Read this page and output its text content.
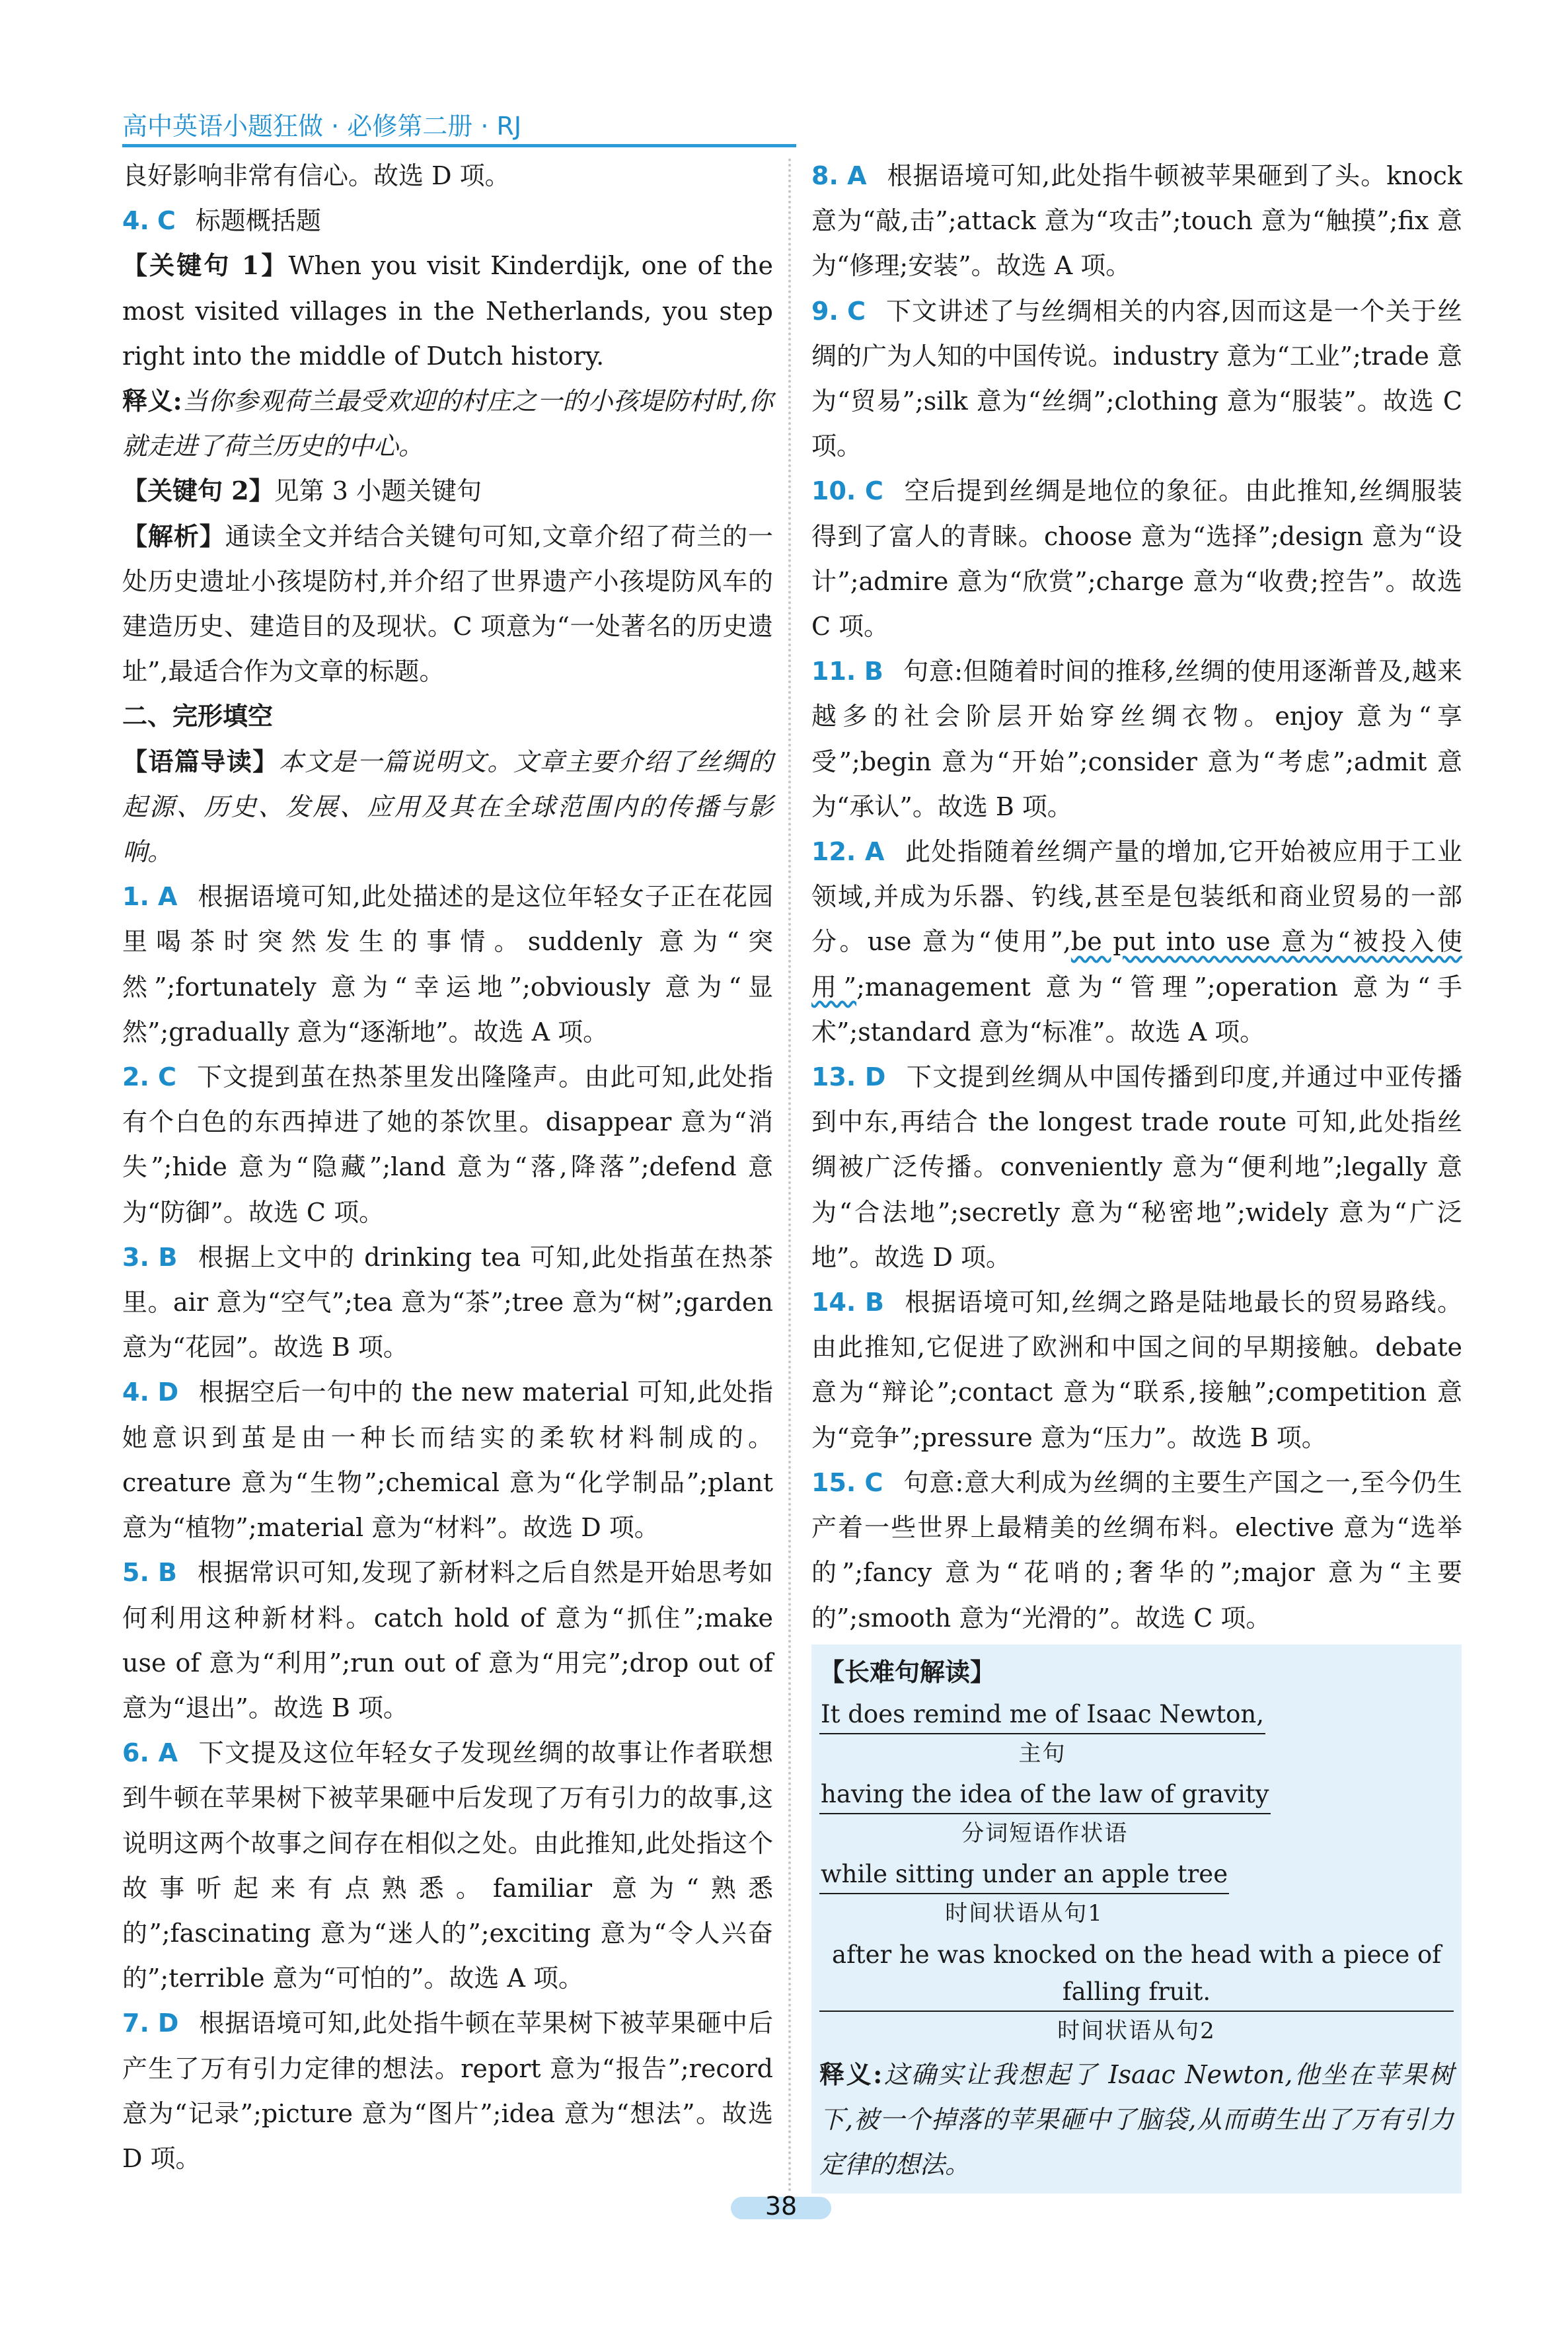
高中英语小题狂做 · 必修第二册 · RJ

良好影响非常有信心。故选 D 项。

4. C 标题概括题

【关键句 1】When you visit Kinderdijk, one of the most visited villages in the Netherlands, you step right into the middle of Dutch history.

释义:当你参观荷兰最受欢迎的村庄之一的小孩堤防村时,你就走进了荷兰历史的中心。

【关键句 2】见第 3 小题关键句

【解析】通读全文并结合关键句可知,文章介绍了荷兰的一处历史遗址小孩堤防村,并介绍了世界遗产小孩堤防风车的建造历史、建造目的及现状。C 项意为“一处著名的历史遗址”,最适合作为文章的标题。

二、完形填空

【语篇导读】本文是一篇说明文。文章主要介绍了丝绸的起源、历史、发展、应用及其在全球范围内的传播与影响。

1. A 根据语境可知,此处描述的是这位年轻女子正在花园里喝茶时突然发生的事情。suddenly 意为“突然”;fortunately 意为“幸运地”;obviously 意为“显然”;gradually 意为“逐渐地”。故选 A 项。

2. C 下文提到茧在热茶里发出隆隆声。由此可知,此处指有个白色的东西掉进了她的茶饮里。disappear 意为“消失”;hide 意为“隐藏”;land 意为“落,降落”;defend 意为“防御”。故选 C 项。

3. B 根据上文中的 drinking tea 可知,此处指茧在热茶里。air 意为“空气”;tea 意为“茶”;tree 意为“树”;garden 意为“花园”。故选 B 项。

4. D 根据空后一句中的 the new material 可知,此处指她意识到茧是由一种长而结实的柔软材料制成的。creature 意为“生物”;chemical 意为“化学制品”;plant 意为“植物”;material 意为“材料”。故选 D 项。

5. B 根据常识可知,发现了新材料之后自然是开始思考如何利用这种新材料。catch hold of 意为“抓住”;make use of 意为“利用”;run out of 意为“用完”;drop out of 意为“退出”。故选 B 项。

6. A 下文提及这位年轻女子发现丝绸的故事让作者联想到牛顿在苹果树下被苹果砸中后发现了万有引力的故事,这说明这两个故事之间存在相似之处。由此推知,此处指这个故事听起来有点熟悉。familiar 意为“熟悉的”;fascinating 意为“迷人的”;exciting 意为“令人兴奋的”;terrible 意为“可怕的”。故选 A 项。

7. D 根据语境可知,此处指牛顿在苹果树下被苹果砸中后产生了万有引力定律的想法。report 意为“报告”;record 意为“记录”;picture 意为“图片”;idea 意为“想法”。故选 D 项。

8. A 根据语境可知,此处指牛顿被苹果砸到了头。knock 意为“敲,击”;attack 意为“攻击”;touch 意为“触摸”;fix 意为“修理;安装”。故选 A 项。

9. C 下文讲述了与丝绸相关的内容,因而这是一个关于丝绸的广为人知的中国传说。industry 意为“工业”;trade 意为“贸易”;silk 意为“丝绸”;clothing 意为“服装”。故选 C 项。

10. C 空后提到丝绸是地位的象征。由此推知,丝绸服装得到了富人的青睐。choose 意为“选择”;design 意为“设计”;admire 意为“欣赏”;charge 意为“收费;控告”。故选 C 项。

11. B 句意:但随着时间的推移,丝绸的使用逐渐普及,越来越多的社会阶层开始穿丝绸衣物。enjoy 意为“享受”;begin 意为“开始”;consider 意为“考虑”;admit 意为“承认”。故选 B 项。

12. A 此处指随着丝绸产量的增加,它开始被应用于工业领域,并成为乐器、钓线,甚至是包装纸和商业贸易的一部分。use 意为“使用”,be put into use 意为“被投入使用”;management 意为“管理”;operation 意为“手术”;standard 意为“标准”。故选 A 项。

13. D 下文提到丝绸从中国传播到印度,并通过中亚传播到中东,再结合 the longest trade route 可知,此处指丝绸被广泛传播。conveniently 意为“便利地”;legally 意为“合法地”;secretly 意为“秘密地”;widely 意为“广泛地”。故选 D 项。

14. B 根据语境可知,丝绸之路是陆地最长的贸易路线。由此推知,它促进了欧洲和中国之间的早期接触。debate 意为“辩论”;contact 意为“联系,接触”;competition 意为“竞争”;pressure 意为“压力”。故选 B 项。

15. C 句意:意大利成为丝绸的主要生产国之一,至今仍生产着一些世界上最精美的丝绸布料。elective 意为“选举的”;fancy 意为“花哨的;奢华的”;major 意为“主要的”;smooth 意为“光滑的”。故选 C 项。

【长难句解读】
It does remind me of Isaac Newton,
主句
having the idea of the law of gravity
分词短语作状语
while sitting under an apple tree
时间状语从句1
after he was knocked on the head with a piece of falling fruit.
时间状语从句2

释义:这确实让我想起了 Isaac Newton,他坐在苹果树下,被一个掉落的苹果砸中了脑袋,从而萌生出了万有引力定律的想法。

38
